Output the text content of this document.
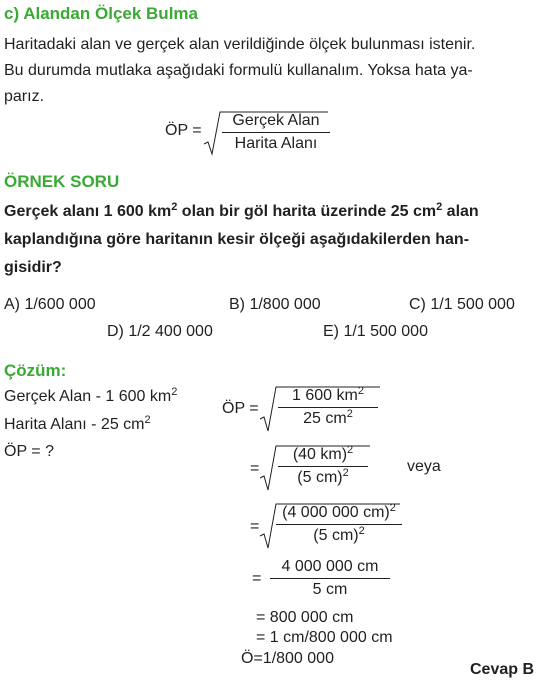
c) Alandan Ölçek Bulma
Haritadaki alan ve gerçek alan verildiğinde ölçek bulunması istenir.
Bu durumda mutlaka aşağıdaki formulü kullanalım. Yoksa hata ya-
parız.
ÖP =
Gerçek Alan
Harita Alanı
ÖRNEK SORU
Gerçek alanı 1 600 $km^2$ olan bir göl harita üzerinde 25 $cm^2$ alan
kaplandığına göre haritanın kesir ölçeği aşağıdakilerden han-
gisidir?
A) 1/600 000	B) 1/800 000	C) 1/1 500 000
D) 1/2 400 000	E) 1/1 500 000
Çözüm:
Gerçek Alan - 1 600 $km^2$
Harita Alanı - 25 $cm^2$
ÖP = ?
ÖP =
1 600 $km^2$
25 $cm^2$
=
(40 km)$^2$
(5 cm)$^2$	veya
=
(4 000 000 cm)$^2$
(5 cm)$^2$
=
4 000 000 cm
5 cm
= 800 000 cm
= 1 cm/800 000 cm
Ö=1/800 000
Cevap B
